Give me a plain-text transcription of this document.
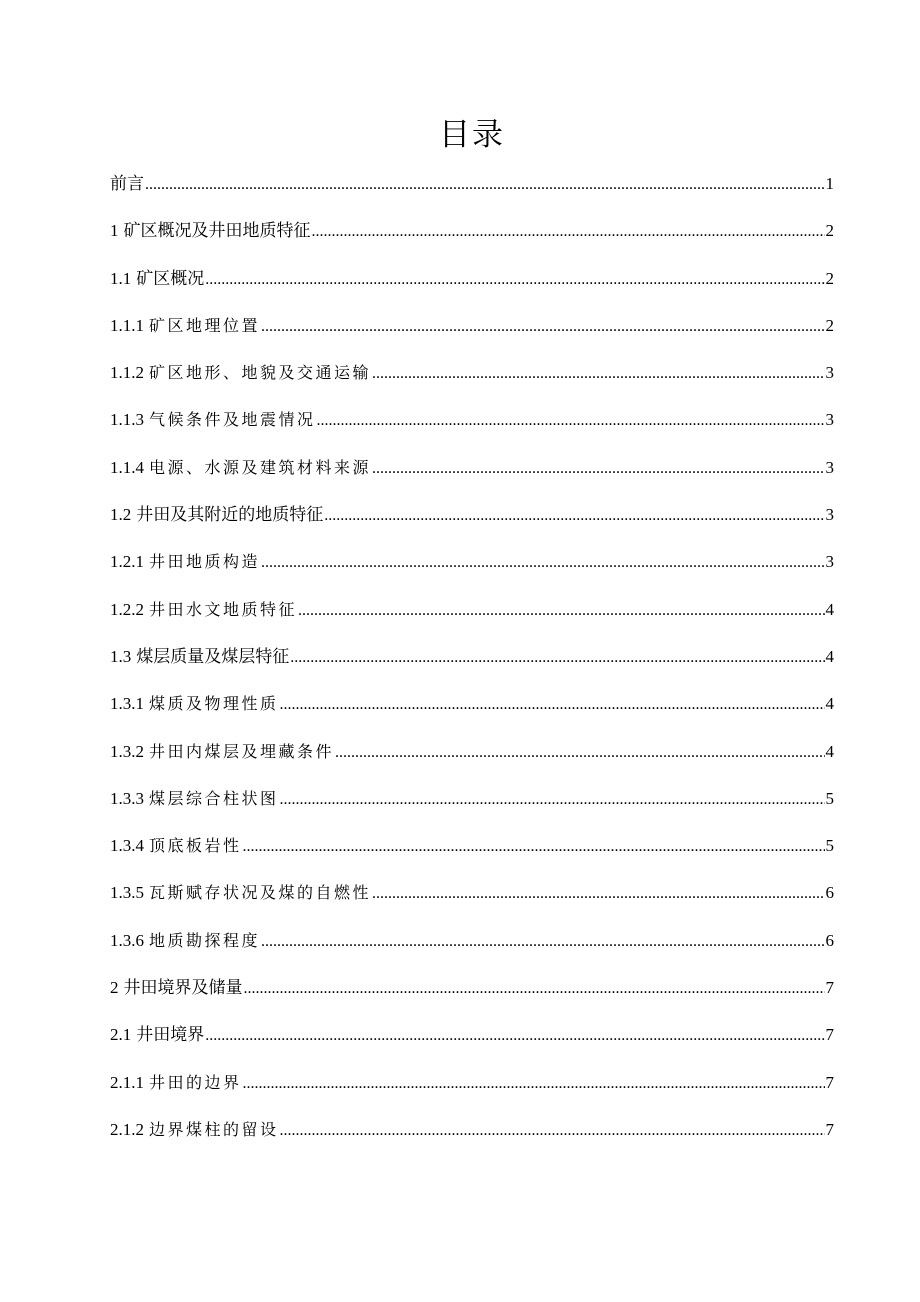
目录
前言 .....	1
1 矿区概况及井田地质特征 .....	2
1.1 矿区概况 .....	2
1.1.1 矿区地理位置 .....	2
1.1.2 矿区地形、地貌及交通运输 .....	3
1.1.3 气候条件及地震情况 .....	3
1.1.4 电源、水源及建筑材料来源 .....	3
1.2 井田及其附近的地质特征 .....	3
1.2.1 井田地质构造 .....	3
1.2.2 井田水文地质特征 .....	4
1.3 煤层质量及煤层特征 .....	4
1.3.1 煤质及物理性质 .....	4
1.3.2 井田内煤层及埋藏条件 .....	4
1.3.3 煤层综合柱状图 .....	5
1.3.4 顶底板岩性 .....	5
1.3.5 瓦斯赋存状况及煤的自燃性 .....	6
1.3.6 地质勘探程度 .....	6
2 井田境界及储量 .....	7
2.1 井田境界 .....	7
2.1.1 井田的边界 .....	7
2.1.2 边界煤柱的留设 .....	7
